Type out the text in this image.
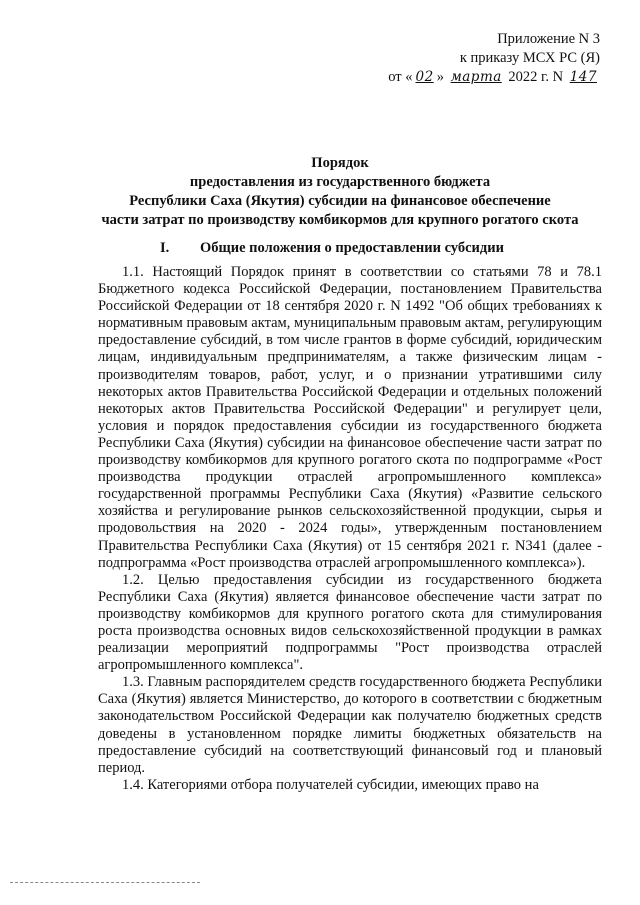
Приложение N 3
к приказу МСХ РС (Я)
от « 02 » марта 2022 г. N 147
Порядок
предоставления из государственного бюджета
Республики Саха (Якутия) субсидии на финансовое обеспечение
части затрат по производству комбикормов для крупного рогатого скота
I. Общие положения о предоставлении субсидии

1.1. Настоящий Порядок принят в соответствии со статьями 78 и 78.1 Бюджетного кодекса Российской Федерации, постановлением Правительства Российской Федерации от 18 сентября 2020 г. N 1492 "Об общих требованиях к нормативным правовым актам, муниципальным правовым актам, регулирующим предоставление субсидий, в том числе грантов в форме субсидий, юридическим лицам, индивидуальным предпринимателям, а также физическим лицам - производителям товаров, работ, услуг, и о признании утратившими силу некоторых актов Правительства Российской Федерации и отдельных положений некоторых актов Правительства Российской Федерации" и регулирует цели, условия и порядок предоставления субсидии из государственного бюджета Республики Саха (Якутия) субсидии на финансовое обеспечение части затрат по производству комбикормов для крупного рогатого скота по подпрограмме «Рост производства продукции отраслей агропромышленного комплекса» государственной программы Республики Саха (Якутия) «Развитие сельского хозяйства и регулирование рынков сельскохозяйственной продукции, сырья и продовольствия на 2020 - 2024 годы», утвержденным постановлением Правительства Республики Саха (Якутия) от 15 сентября 2021 г. N341 (далее - подпрограмма «Рост производства отраслей агропромышленного комплекса»).

1.2. Целью предоставления субсидии из государственного бюджета Республики Саха (Якутия) является финансовое обеспечение части затрат по производству комбикормов для крупного рогатого скота для стимулирования роста производства основных видов сельскохозяйственной продукции в рамках реализации мероприятий подпрограммы "Рост производства отраслей агропромышленного комплекса".

1.3. Главным распорядителем средств государственного бюджета Республики Саха (Якутия) является Министерство, до которого в соответствии с бюджетным законодательством Российской Федерации как получателю бюджетных средств доведены в установленном порядке лимиты бюджетных обязательств на предоставление субсидий на соответствующий финансовый год и плановый период.

1.4. Категориями отбора получателей субсидии, имеющих право на
